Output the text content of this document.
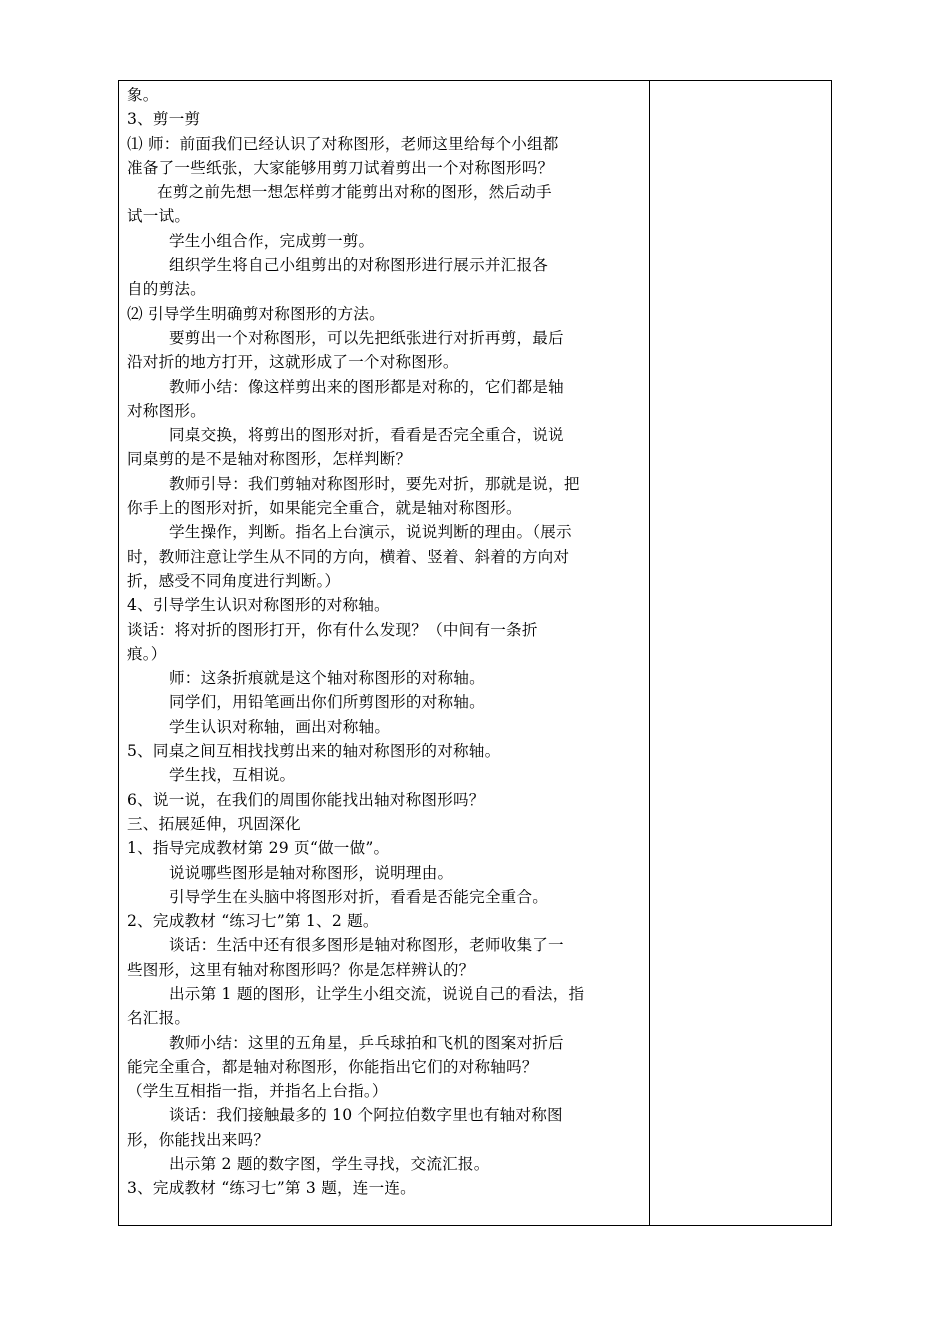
象。
3、剪一剪
⑴ 师：前面我们已经认识了对称图形，老师这里给每个小组都
准备了一些纸张，大家能够用剪刀试着剪出一个对称图形吗？
在剪之前先想一想怎样剪才能剪出对称的图形，然后动手
试一试。
学生小组合作，完成剪一剪。
组织学生将自己小组剪出的对称图形进行展示并汇报各
自的剪法。
⑵ 引导学生明确剪对称图形的方法。
要剪出一个对称图形，可以先把纸张进行对折再剪，最后
沿对折的地方打开，这就形成了一个对称图形。
教师小结：像这样剪出来的图形都是对称的，它们都是轴
对称图形。
同桌交换，将剪出的图形对折，看看是否完全重合，说说
同桌剪的是不是轴对称图形，怎样判断？
教师引导：我们剪轴对称图形时，要先对折，那就是说，把
你手上的图形对折，如果能完全重合，就是轴对称图形。
学生操作，判断。指名上台演示，说说判断的理由。（展示
时，教师注意让学生从不同的方向，横着、竖着、斜着的方向对
折，感受不同角度进行判断。）
4、引导学生认识对称图形的对称轴。
谈话：将对折的图形打开，你有什么发现？（中间有一条折
痕。）
师：这条折痕就是这个轴对称图形的对称轴。
同学们，用铅笔画出你们所剪图形的对称轴。
学生认识对称轴，画出对称轴。
5、同桌之间互相找找剪出来的轴对称图形的对称轴。
学生找，互相说。
6、说一说，在我们的周围你能找出轴对称图形吗？
三、拓展延伸，巩固深化
1、指导完成教材第 29 页“做一做”。
说说哪些图形是轴对称图形，说明理由。
引导学生在头脑中将图形对折，看看是否能完全重合。
2、完成教材 “练习七”第 1、2 题。
谈话：生活中还有很多图形是轴对称图形，老师收集了一
些图形，这里有轴对称图形吗？你是怎样辨认的？
出示第 1 题的图形，让学生小组交流，说说自己的看法，指
名汇报。
教师小结：这里的五角星，乒乓球拍和飞机的图案对折后
能完全重合，都是轴对称图形，你能指出它们的对称轴吗？
（学生互相指一指，并指名上台指。）
谈话：我们接触最多的 10 个阿拉伯数字里也有轴对称图
形，你能找出来吗？
出示第 2 题的数字图，学生寻找，交流汇报。
3、完成教材 “练习七”第 3 题，连一连。
